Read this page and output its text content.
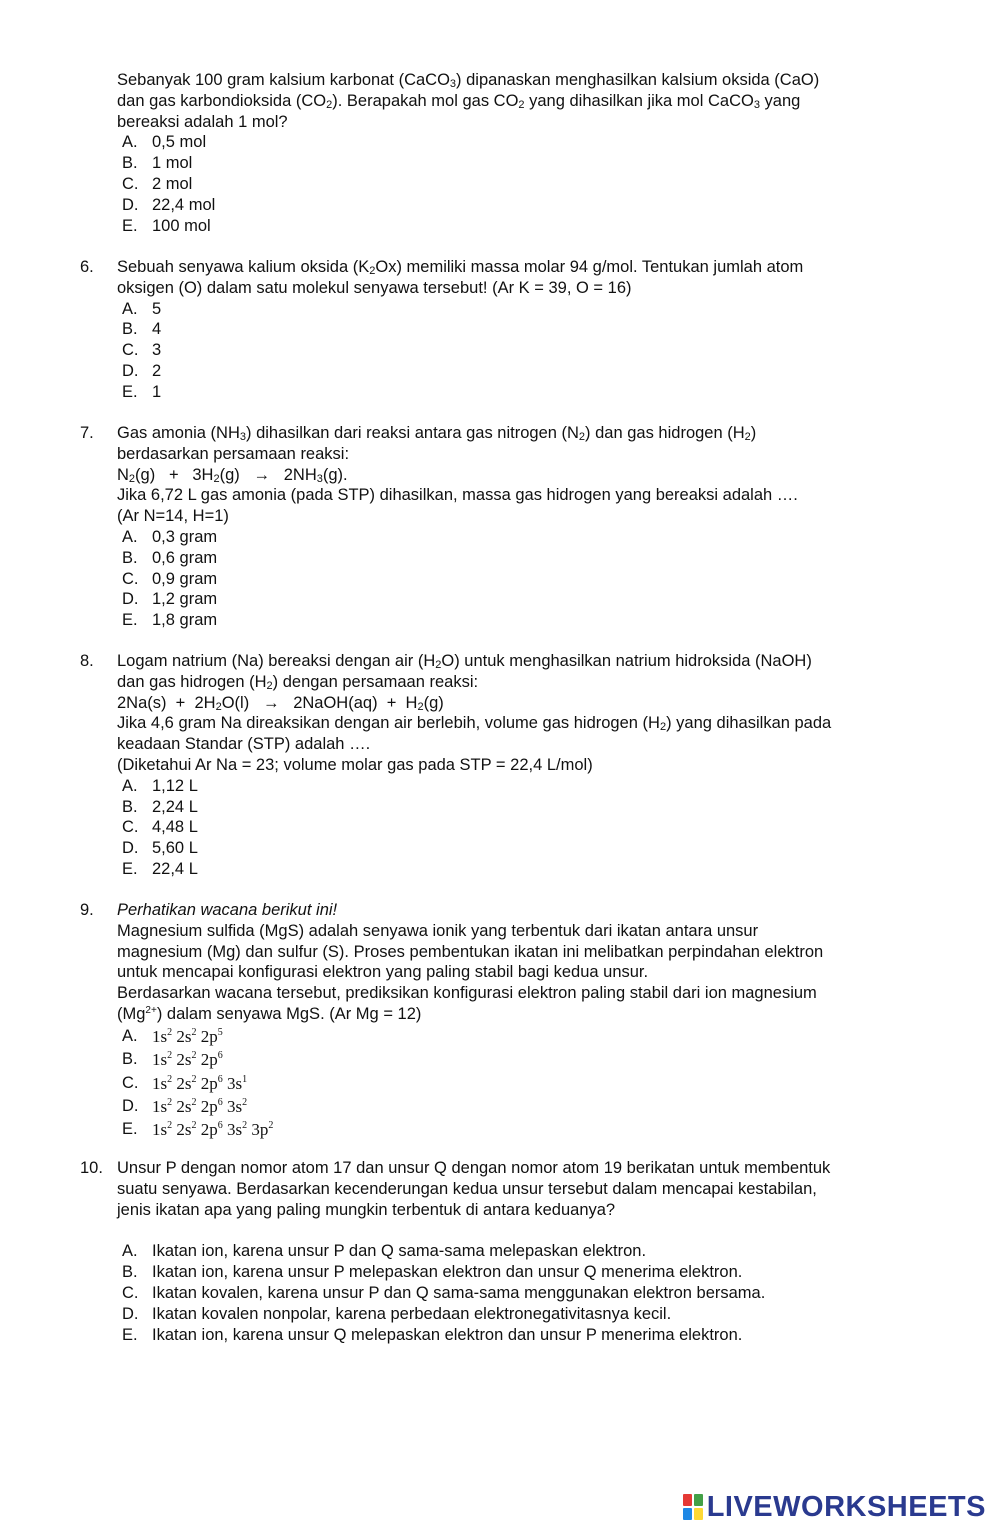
Sebanyak 100 gram kalsium karbonat (CaCO$_3$) dipanaskan menghasilkan kalsium oksida (CaO)

dan gas karbondioksida $(CO_2)$. Berapakah mol gas $CO_2$ yang dihasilkan jika mol CaCO$_3$ yang

bereaksi adalah 1 mol?

A. 0,5 mol
B. 1 mol
C. 2 mol
D. 22,4 mol
E. 100 mol
6.	Sebuah senyawa kalium oksida $(K_2Ox)$ memiliki massa molar 94 g/mol. Tentukan jumlah atom

oksigen (O) dalam satu molekul senyawa tersebut! (Ar K = 39, O = 16)

A. 5
B. 4
C. 3
D. 2
E. 1
7.	Gas amonia $(NH_3)$ dihasilkan dari reaksi antara gas nitrogen $(N_2)$ dan gas hidrogen $(H_2)$

berdasarkan persamaan reaksi:

$N_2(g) + 3H_2(g) \to 2NH_3(g)$.

Jika 6,72 L gas amonia (pada STP) dihasilkan, massa gas hidrogen yang bereaksi adalah ….

(Ar N=14, H=1)

A. 0,3 gram
B. 0,6 gram
C. 0,9 gram
D. 1,2 gram
E. 1,8 gram
8.	Logam natrium (Na) bereaksi dengan air $(H_2O)$ untuk menghasilkan natrium hidroksida (NaOH)

dan gas hidrogen $(H_2)$ dengan persamaan reaksi:

$2Na(s) + 2H_2O(l)$   →   2NaOH(aq)  +  $H_2(g)$

Jika 4,6 gram Na direaksikan dengan air berlebih, volume gas hidrogen $(H_2)$ yang dihasilkan pada

keadaan Standar (STP) adalah ….

(Diketahui Ar Na = 23; volume molar gas pada STP = 22,4 L/mol)

A. 1,12 L
B. 2,24 L
C. 4,48 L
D. 5,60 L
E. 22,4 L
9.	Perhatikan wacana berikut ini!

Magnesium sulfida (MgS) adalah senyawa ionik yang terbentuk dari ikatan antara unsur

magnesium (Mg) dan sulfur (S). Proses pembentukan ikatan ini melibatkan perpindahan elektron

untuk mencapai konfigurasi elektron yang paling stabil bagi kedua unsur.

Berdasarkan wacana tersebut, prediksikan konfigurasi elektron paling stabil dari ion magnesium

$(Mg^{2+})$ dalam senyawa MgS. (Ar Mg = 12)

A. $1s^2$ $2s^2$ $2p^5$
B. $1s^2$ $2s^2$ $2p^6$
C. $1s^2$ $2s^2$ $2p^6$ $3s^1$
D. $1s^2$ $2s^2$ $2p^6$ $3s^2$
E. $1s^2$ $2s^2$ $2p^6$ $3s^2$ $3p^2$
10. Unsur P dengan nomor atom 17 dan unsur Q dengan nomor atom 19 berikatan untuk membentuk

suatu senyawa. Berdasarkan kecenderungan kedua unsur tersebut dalam mencapai kestabilan,

jenis ikatan apa yang paling mungkin terbentuk di antara keduanya?

A. Ikatan ion, karena unsur P dan Q sama-sama melepaskan elektron.
B. Ikatan ion, karena unsur P melepaskan elektron dan unsur Q menerima elektron.
C. Ikatan kovalen, karena unsur P dan Q sama-sama menggunakan elektron bersama.
D. Ikatan kovalen nonpolar, karena perbedaan elektronegativitasnya kecil.
E. Ikatan ion, karena unsur Q melepaskan elektron dan unsur P menerima elektron.
LIVEWORKSHEETS
